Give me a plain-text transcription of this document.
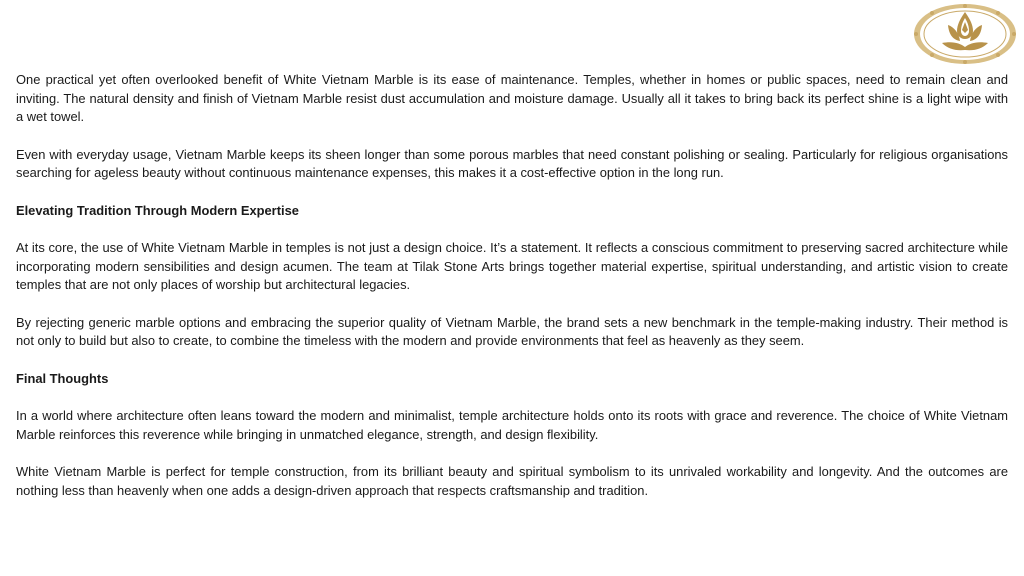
One practical yet often overlooked benefit of White Vietnam Marble is its ease of maintenance. Temples, whether in homes or public spaces, need to remain clean and inviting. The natural density and finish of Vietnam Marble resist dust accumulation and moisture damage. Usually all it takes to bring back its perfect shine is a light wipe with a wet towel.

Even with everyday usage, Vietnam Marble keeps its sheen longer than some porous marbles that need constant polishing or sealing. Particularly for religious organisations searching for ageless beauty without continuous maintenance expenses, this makes it a cost-effective option in the long run.

Elevating Tradition Through Modern Expertise

At its core, the use of White Vietnam Marble in temples is not just a design choice. It’s a statement. It reflects a conscious commitment to preserving sacred architecture while incorporating modern sensibilities and design acumen. The team at Tilak Stone Arts brings together material expertise, spiritual understanding, and artistic vision to create temples that are not only places of worship but architectural legacies.

By rejecting generic marble options and embracing the superior quality of Vietnam Marble, the brand sets a new benchmark in the temple-making industry. Their method is not only to build but also to create, to combine the timeless with the modern and provide environments that feel as heavenly as they seem.

Final Thoughts

In a world where architecture often leans toward the modern and minimalist, temple architecture holds onto its roots with grace and reverence. The choice of White Vietnam Marble reinforces this reverence while bringing in unmatched elegance, strength, and design flexibility.

White Vietnam Marble is perfect for temple construction, from its brilliant beauty and spiritual symbolism to its unrivaled workability and longevity. And the outcomes are nothing less than heavenly when one adds a design-driven approach that respects craftsmanship and tradition.
